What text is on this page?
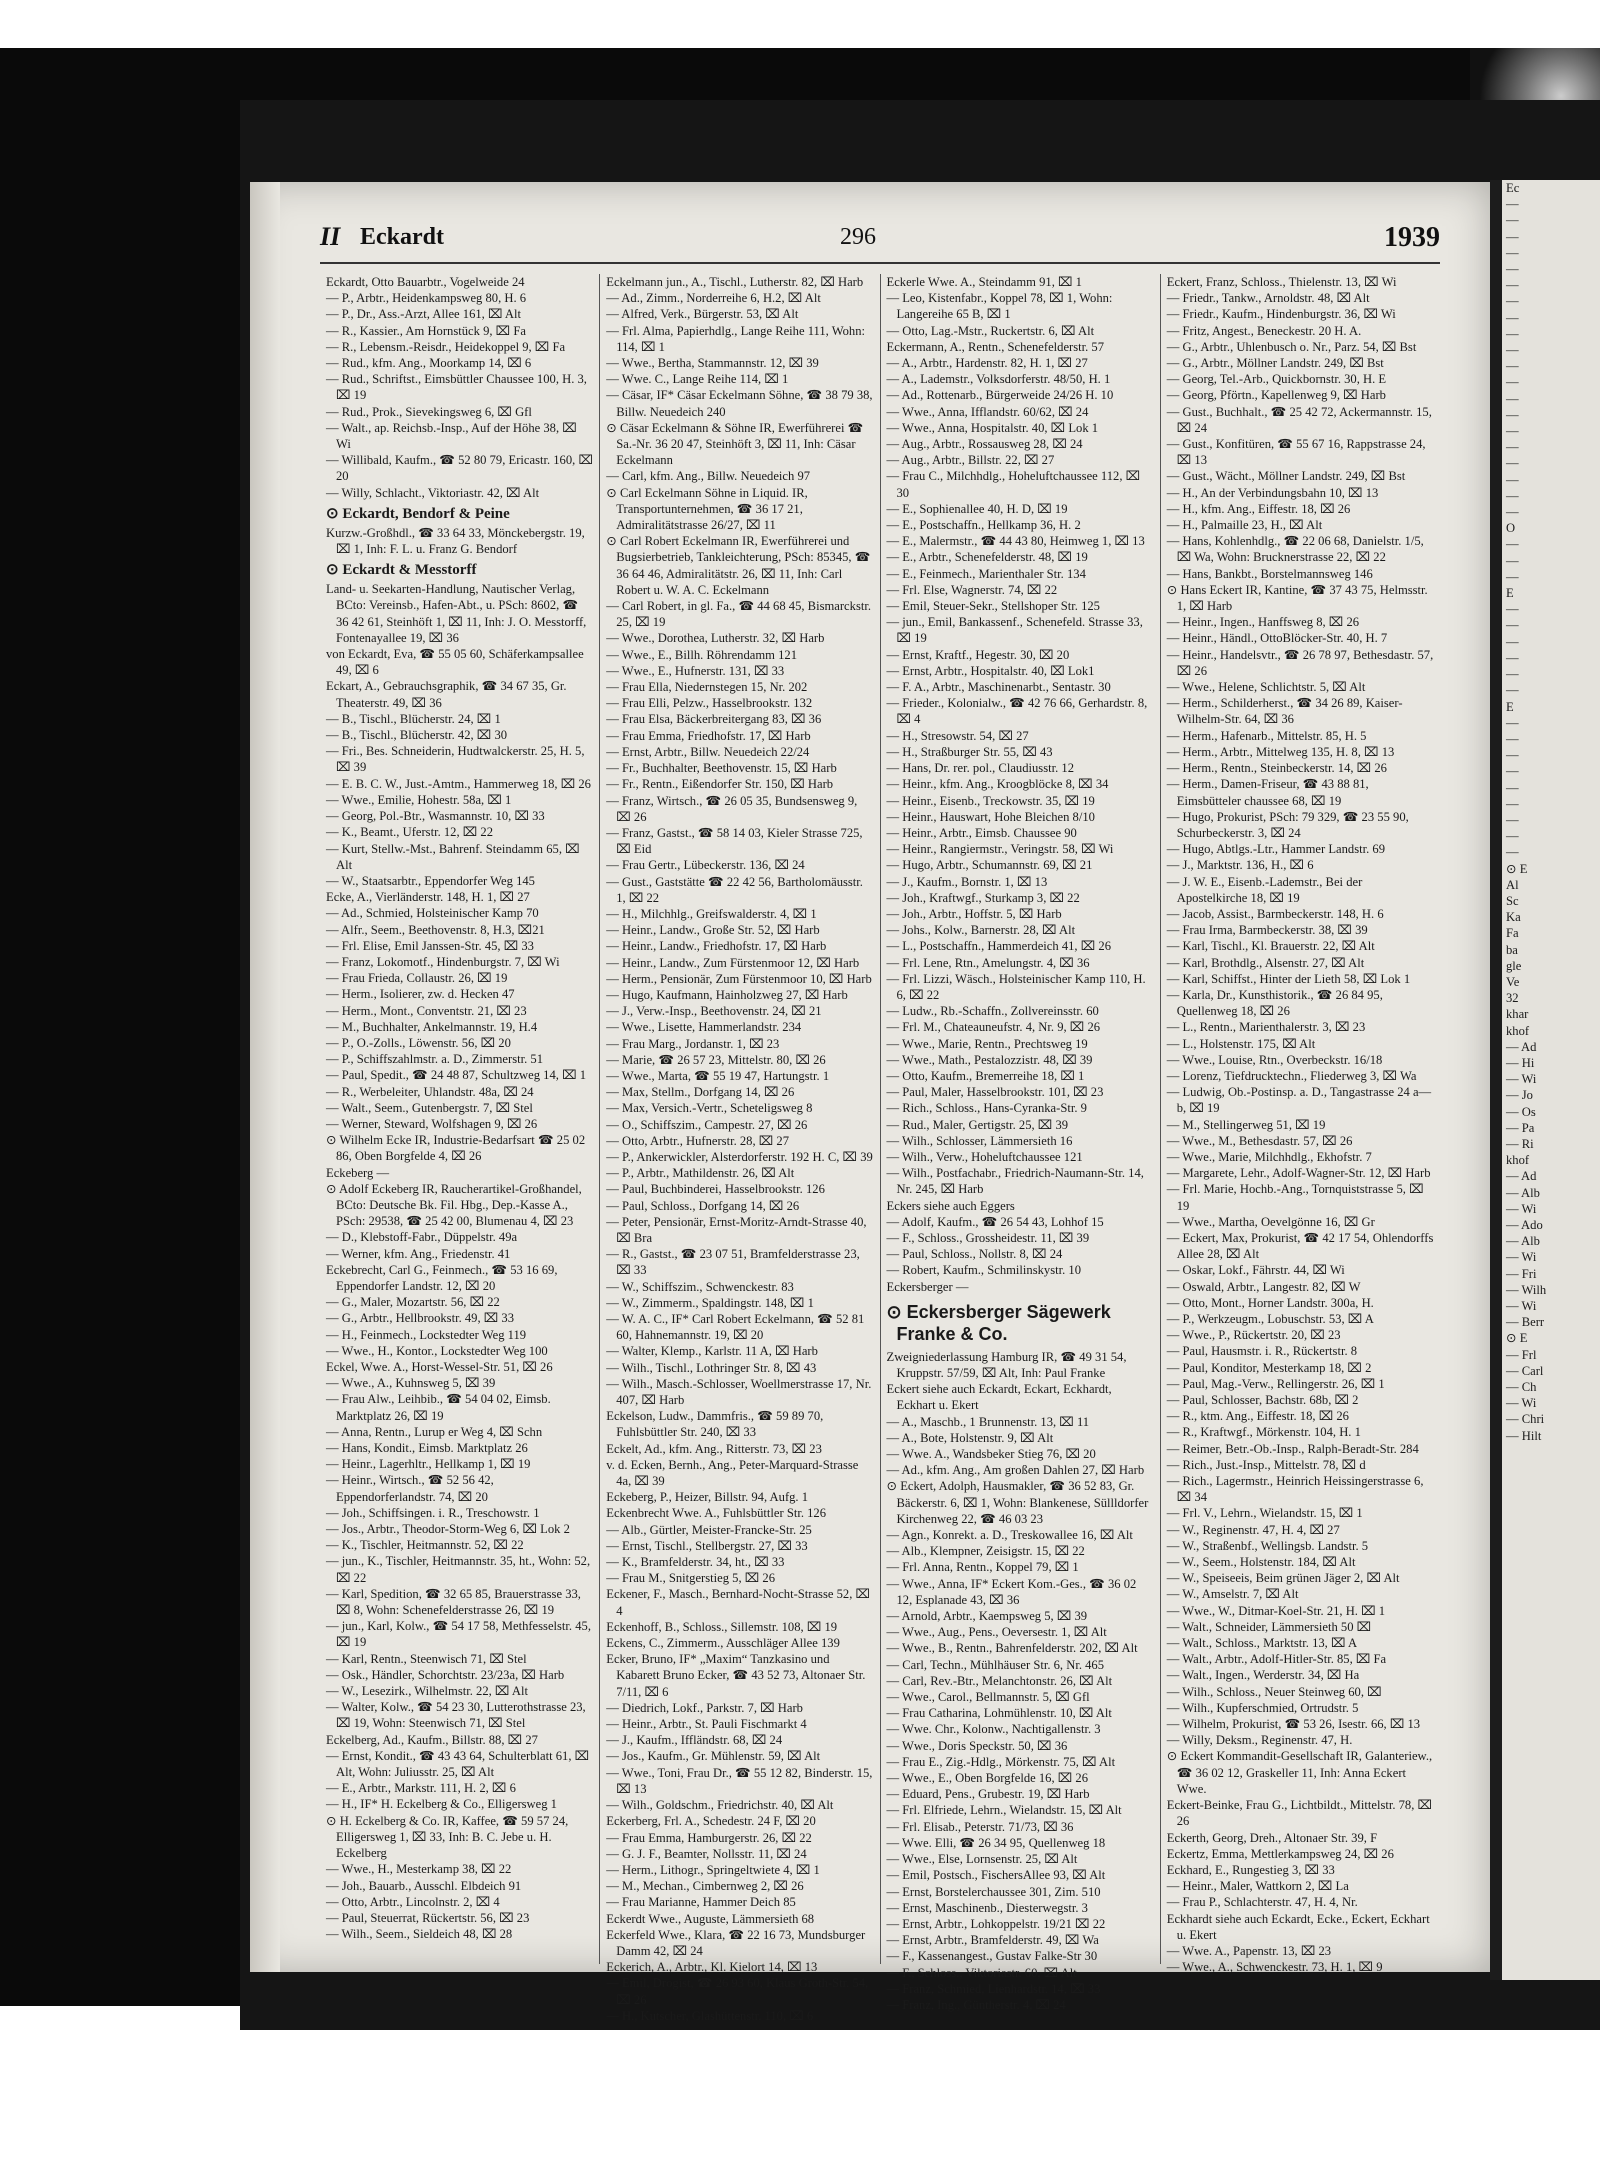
II Eckardt	296	1939

Eckardt, Otto Bauarbtr., Vogelweide 24

— P., Arbtr., Heidenkampsweg 80, H. 6

— P., Dr., Ass.-Arzt, Allee 161, ⌧ Alt

— R., Kassier., Am Hornstück 9, ⌧ Fa

— R., Lebensm.-Reisdr., Heidekoppel 9, ⌧ Fa

— Rud., kfm. Ang., Moorkamp 14, ⌧ 6

— Rud., Schriftst., Eimsbüttler Chaussee 100, H. 3, ⌧ 19

— Rud., Prok., Sievekingsweg 6, ⌧ Gfl

— Walt., ap. Reichsb.-Insp., Auf der Höhe 38, ⌧ Wi

— Willibald, Kaufm., ☎ 52 80 79, Ericastr. 160, ⌧ 20

— Willy, Schlacht., Viktoriastr. 42, ⌧ Alt

⊙ Eckardt, Bendorf & Peine

Kurzw.-Großhdl., ☎ 33 64 33, Mönckebergstr. 19, ⌧ 1, Inh: F. L. u. Franz G. Bendorf

⊙ Eckardt & Messtorff

Land- u. Seekarten-Handlung, Nautischer Verlag, BCto: Vereinsb., Hafen-Abt., u. PSch: 8602, ☎ 36 42 61, Steinhöft 1, ⌧ 11, Inh: J. O. Messtorff, Fontenayallee 19, ⌧ 36

von Eckardt, Eva, ☎ 55 05 60, Schäferkampsallee 49, ⌧ 6

Eckart, A., Gebrauchsgraphik, ☎ 34 67 35, Gr. Theaterstr. 49, ⌧ 36

— B., Tischl., Blücherstr. 24, ⌧ 1

— B., Tischl., Blücherstr. 42, ⌧ 30

— Fri., Bes. Schneiderin, Hudtwalckerstr. 25, H. 5, ⌧ 39

— E. B. C. W., Just.-Amtm., Hammerweg 18, ⌧ 26

— Wwe., Emilie, Hohestr. 58a, ⌧ 1

— Georg, Pol.-Btr., Wasmannstr. 10, ⌧ 33

— K., Beamt., Uferstr. 12, ⌧ 22

— Kurt, Stellw.-Mst., Bahrenf. Steindamm 65, ⌧ Alt

— W., Staatsarbtr., Eppendorfer Weg 145

Ecke, A., Vierländerstr. 148, H. 1, ⌧ 27

— Ad., Schmied, Holsteinischer Kamp 70

— Alfr., Seem., Beethovenstr. 8, H.3, ⌧21

— Frl. Elise, Emil Janssen-Str. 45, ⌧ 33

— Franz, Lokomotf., Hindenburgstr. 7, ⌧ Wi

— Frau Frieda, Collaustr. 26, ⌧ 19

— Herm., Isolierer, zw. d. Hecken 47

— Herm., Mont., Conventstr. 21, ⌧ 23

— M., Buchhalter, Ankelmannstr. 19, H.4

— P., O.-Zolls., Löwenstr. 56, ⌧ 20

— P., Schiffszahlmstr. a. D., Zimmerstr. 51

— Paul, Spedit., ☎ 24 48 87, Schultzweg 14, ⌧ 1

— R., Werbeleiter, Uhlandstr. 48a, ⌧ 24

— Walt., Seem., Gutenbergstr. 7, ⌧ Stel

— Werner, Steward, Wolfshagen 9, ⌧ 26

⊙ Wilhelm Ecke IR, Industrie-Bedarfsart ☎ 25 02 86, Oben Borgfelde 4, ⌧ 26

Eckeberg —

⊙ Adolf Eckeberg IR, Raucherartikel-Großhandel, BCto: Deutsche Bk. Fil. Hbg., Dep.-Kasse A., PSch: 29538, ☎ 25 42 00, Blumenau 4, ⌧ 23

— D., Klebstoff-Fabr., Düppelstr. 49a

— Werner, kfm. Ang., Friedenstr. 41

Eckebrecht, Carl G., Feinmech., ☎ 53 16 69, Eppendorfer Landstr. 12, ⌧ 20

— G., Maler, Mozartstr. 56, ⌧ 22

— G., Arbtr., Hellbrookstr. 49, ⌧ 33

— H., Feinmech., Lockstedter Weg 119

— Wwe., H., Kontor., Lockstedter Weg 100

Eckel, Wwe. A., Horst-Wessel-Str. 51, ⌧ 26

— Wwe., A., Kuhnsweg 5, ⌧ 39

— Frau Alw., Leihbib., ☎ 54 04 02, Eimsb. Marktplatz 26, ⌧ 19

— Anna, Rentn., Lurup er Weg 4, ⌧ Schn

— Hans, Kondit., Eimsb. Marktplatz 26

— Heinr., Lagerhltr., Hellkamp 1, ⌧ 19

— Heinr., Wirtsch., ☎ 52 56 42, Eppendorferlandstr. 74, ⌧ 20

— Joh., Schiffsingen. i. R., Treschowstr. 1

— Jos., Arbtr., Theodor-Storm-Weg 6, ⌧ Lok 2

— K., Tischler, Heitmannstr. 52, ⌧ 22

— jun., K., Tischler, Heitmannstr. 35, ht., Wohn: 52, ⌧ 22

— Karl, Spedition, ☎ 32 65 85, Brauerstrasse 33, ⌧ 8, Wohn: Schenefelderstrasse 26, ⌧ 19

— jun., Karl, Kolw., ☎ 54 17 58, Methfesselstr. 45, ⌧ 19

— Karl, Rentn., Steenwisch 71, ⌧ Stel

— Osk., Händler, Schorchtstr. 23/23a, ⌧ Harb

— W., Lesezirk., Wilhelmstr. 22, ⌧ Alt

— Walter, Kolw., ☎ 54 23 30, Lutterothstrasse 23, ⌧ 19, Wohn: Steenwisch 71, ⌧ Stel

Eckelberg, Ad., Kaufm., Billstr. 88, ⌧ 27

— Ernst, Kondit., ☎ 43 43 64, Schulterblatt 61, ⌧ Alt, Wohn: Juliusstr. 25, ⌧ Alt

— E., Arbtr., Markstr. 111, H. 2, ⌧ 6

— H., IF* H. Eckelberg & Co., Elligersweg 1

⊙ H. Eckelberg & Co. IR, Kaffee, ☎ 59 57 24, Elligersweg 1, ⌧ 33, Inh: B. C. Jebe u. H. Eckelberg

— Wwe., H., Mesterkamp 38, ⌧ 22

— Joh., Bauarb., Ausschl. Elbdeich 91

— Otto, Arbtr., Lincolnstr. 2, ⌧ 4

— Paul, Steuerrat, Rückertstr. 56, ⌧ 23

— Wilh., Seem., Sieldeich 48, ⌧ 28

Eckelmann jun., A., Tischl., Lutherstr. 82, ⌧ Harb

— Ad., Zimm., Norderreihe 6, H.2, ⌧ Alt

— Alfred, Verk., Bürgerstr. 53, ⌧ Alt

— Frl. Alma, Papierhdlg., Lange Reihe 111, Wohn: 114, ⌧ 1

— Wwe., Bertha, Stammannstr. 12, ⌧ 39

— Wwe. C., Lange Reihe 114, ⌧ 1

— Cäsar, IF* Cäsar Eckelmann Söhne, ☎ 38 79 38, Billw. Neuedeich 240

⊙ Cäsar Eckelmann & Söhne IR, Ewerführerei ☎ Sa.-Nr. 36 20 47, Steinhöft 3, ⌧ 11, Inh: Cäsar Eckelmann

— Carl, kfm. Ang., Billw. Neuedeich 97

⊙ Carl Eckelmann Söhne in Liquid. IR, Transportunternehmen, ☎ 36 17 21, Admiralitätstrasse 26/27, ⌧ 11

⊙ Carl Robert Eckelmann IR, Ewerführerei und Bugsierbetrieb, Tankleichterung, PSch: 85345, ☎ 36 64 46, Admiralitätstr. 26, ⌧ 11, Inh: Carl Robert u. W. A. C. Eckelmann

— Carl Robert, in gl. Fa., ☎ 44 68 45, Bismarckstr. 25, ⌧ 19

— Wwe., Dorothea, Lutherstr. 32, ⌧ Harb

— Wwe., E., Billh. Röhrendamm 121

— Wwe., E., Hufnerstr. 131, ⌧ 33

— Frau Ella, Niedernstegen 15, Nr. 202

— Frau Elli, Pelzw., Hasselbrookstr. 132

— Frau Elsa, Bäckerbreitergang 83, ⌧ 36

— Frau Emma, Friedhofstr. 17, ⌧ Harb

— Ernst, Arbtr., Billw. Neuedeich 22/24

— Fr., Buchhalter, Beethovenstr. 15, ⌧ Harb

— Fr., Rentn., Eißendorfer Str. 150, ⌧ Harb

— Franz, Wirtsch., ☎ 26 05 35, Bundsensweg 9, ⌧ 26

— Franz, Gastst., ☎ 58 14 03, Kieler Strasse 725, ⌧ Eid

— Frau Gertr., Lübeckerstr. 136, ⌧ 24

— Gust., Gaststätte ☎ 22 42 56, Bartholomäusstr. 1, ⌧ 22

— H., Milchhlg., Greifswalderstr. 4, ⌧ 1

— Heinr., Landw., Große Str. 52, ⌧ Harb

— Heinr., Landw., Friedhofstr. 17, ⌧ Harb

— Heinr., Landw., Zum Fürstenmoor 12, ⌧ Harb

— Herm., Pensionär, Zum Fürstenmoor 10, ⌧ Harb

— Hugo, Kaufmann, Hainholzweg 27, ⌧ Harb

— J., Verw.-Insp., Beethovenstr. 24, ⌧ 21

— Wwe., Lisette, Hammerlandstr. 234

— Frau Marg., Jordanstr. 1, ⌧ 23

— Marie, ☎ 26 57 23, Mittelstr. 80, ⌧ 26

— Wwe., Marta, ☎ 55 19 47, Hartungstr. 1

— Max, Stellm., Dorfgang 14, ⌧ 26

— Max, Versich.-Vertr., Scheteligsweg 8

— O., Schiffszim., Campestr. 27, ⌧ 26

— Otto, Arbtr., Hufnerstr. 28, ⌧ 27

— P., Ankerwickler, Alsterdorferstr. 192 H. C, ⌧ 39

— P., Arbtr., Mathildenstr. 26, ⌧ Alt

— Paul, Buchbinderei, Hasselbrookstr. 126

— Paul, Schloss., Dorfgang 14, ⌧ 26

— Peter, Pensionär, Ernst-Moritz-Arndt-Strasse 40, ⌧ Bra

— R., Gastst., ☎ 23 07 51, Bramfelderstrasse 23, ⌧ 33

— W., Schiffszim., Schwenckestr. 83

— W., Zimmerm., Spaldingstr. 148, ⌧ 1

— W. A. C., IF* Carl Robert Eckelmann, ☎ 52 81 60, Hahnemannstr. 19, ⌧ 20

— Walter, Klemp., Karlstr. 11 A, ⌧ Harb

— Wilh., Tischl., Lothringer Str. 8, ⌧ 43

— Wilh., Masch.-Schlosser, Woellmerstrasse 17, Nr. 407, ⌧ Harb

Eckelson, Ludw., Dammfris., ☎ 59 89 70, Fuhlsbüttler Str. 240, ⌧ 33

Eckelt, Ad., kfm. Ang., Ritterstr. 73, ⌧ 23

v. d. Ecken, Bernh., Ang., Peter-Marquard-Strasse 4a, ⌧ 39

Eckeberg, P., Heizer, Billstr. 94, Aufg. 1

Eckenbrecht Wwe. A., Fuhlsbüttler Str. 126

— Alb., Gürtler, Meister-Francke-Str. 25

— Ernst, Tischl., Stellbergstr. 27, ⌧ 33

— K., Bramfelderstr. 34, ht., ⌧ 33

— Frau M., Snitgerstieg 5, ⌧ 26

Eckener, F., Masch., Bernhard-Nocht-Strasse 52, ⌧ 4

Eckenhoff, B., Schloss., Sillemstr. 108, ⌧ 19

Eckens, C., Zimmerm., Ausschläger Allee 139

Ecker, Bruno, IF* „Maxim“ Tanzkasino und Kabarett Bruno Ecker, ☎ 43 52 73, Altonaer Str. 7/11, ⌧ 6

— Diedrich, Lokf., Parkstr. 7, ⌧ Harb

— Heinr., Arbtr., St. Pauli Fischmarkt 4

— J., Kaufm., Iffländstr. 68, ⌧ 24

— Jos., Kaufm., Gr. Mühlenstr. 59, ⌧ Alt

— Wwe., Toni, Frau Dr., ☎ 55 12 82, Binderstr. 15, ⌧ 13

— Wilh., Goldschm., Friedrichstr. 40, ⌧ Alt

Eckerberg, Frl. A., Schedestr. 24 F, ⌧ 20

— Frau Emma, Hamburgerstr. 26, ⌧ 22

— G. J. F., Beamter, Nollsstr. 11, ⌧ 24

— Herm., Lithogr., Springeltwiete 4, ⌧ 1

— M., Mechan., Cimbernweg 2, ⌧ 26

— Frau Marianne, Hammer Deich 85

Eckerdt Wwe., Auguste, Lämmersieth 68

Eckerfeld Wwe., Klara, ☎ 22 16 73, Mundsburger Damm 42, ⌧ 24

Eckerich, A., Arbtr., Kl. Kielort 14, ⌧ 13

— Emil, Drogist, ☎ 26 93 60, Klaus Groth-Str. 54, ⌧ 26

— H., Kutscher, Glashüttenstr. 110, ⌧ 6

Eckerle Wwe. A., Steindamm 91, ⌧ 1

— Leo, Kistenfabr., Koppel 78, ⌧ 1, Wohn: Langereihe 65 B, ⌧ 1

— Otto, Lag.-Mstr., Ruckertstr. 6, ⌧ Alt

Eckermann, A., Rentn., Schenefelderstr. 57

— A., Arbtr., Hardenstr. 82, H. 1, ⌧ 27

— A., Lademstr., Volksdorferstr. 48/50, H. 1

— Ad., Rottenarb., Bürgerweide 24/26 H. 10

— Wwe., Anna, Ifflandstr. 60/62, ⌧ 24

— Wwe., Anna, Hospitalstr. 40, ⌧ Lok 1

— Aug., Arbtr., Rossausweg 28, ⌧ 24

— Aug., Arbtr., Billstr. 22, ⌧ 27

— Frau C., Milchhdlg., Hoheluftchaussee 112, ⌧ 30

— E., Sophienallee 40, H. D, ⌧ 19

— E., Postschaffn., Hellkamp 36, H. 2

— E., Malermstr., ☎ 44 43 80, Heimweg 1, ⌧ 13

— E., Arbtr., Schenefelderstr. 48, ⌧ 19

— E., Feinmech., Marienthaler Str. 134

— Frl. Else, Wagnerstr. 74, ⌧ 22

— Emil, Steuer-Sekr., Stellshoper Str. 125

— jun., Emil, Bankassenf., Schenefeld. Strasse 33, ⌧ 19

— Ernst, Kraftf., Hegestr. 30, ⌧ 20

— Ernst, Arbtr., Hospitalstr. 40, ⌧ Lok1

— F. A., Arbtr., Maschinenarbt., Sentastr. 30

— Frieder., Kolonialw., ☎ 42 76 66, Gerhardstr. 8, ⌧ 4

— H., Stresowstr. 54, ⌧ 27

— H., Straßburger Str. 55, ⌧ 43

— Hans, Dr. rer. pol., Claudiusstr. 12

— Heinr., kfm. Ang., Kroogblöcke 8, ⌧ 34

— Heinr., Eisenb., Treckowstr. 35, ⌧ 19

— Heinr., Hauswart, Hohe Bleichen 8/10

— Heinr., Arbtr., Eimsb. Chaussee 90

— Heinr., Rangiermstr., Veringstr. 58, ⌧ Wi

— Hugo, Arbtr., Schumannstr. 69, ⌧ 21

— J., Kaufm., Bornstr. 1, ⌧ 13

— Joh., Kraftwgf., Sturkamp 3, ⌧ 22

— Joh., Arbtr., Hoffstr. 5, ⌧ Harb

— Johs., Kolw., Barnerstr. 28, ⌧ Alt

— L., Postschaffn., Hammerdeich 41, ⌧ 26

— Frl. Lene, Rtn., Amelungstr. 4, ⌧ 36

— Frl. Lizzi, Wäsch., Holsteinischer Kamp 110, H. 6, ⌧ 22

— Ludw., Rb.-Schaffn., Zollvereinsstr. 60

— Frl. M., Chateauneufstr. 4, Nr. 9, ⌧ 26

— Wwe., Marie, Rentn., Prechtsweg 19

— Wwe., Math., Pestalozzistr. 48, ⌧ 39

— Otto, Kaufm., Bremerreihe 18, ⌧ 1

— Paul, Maler, Hasselbrookstr. 101, ⌧ 23

— Rich., Schloss., Hans-Cyranka-Str. 9

— Rud., Maler, Gertigstr. 25, ⌧ 39

— Wilh., Schlosser, Lämmersieth 16

— Wilh., Verw., Hoheluftchaussee 121

— Wilh., Postfachabr., Friedrich-Naumann-Str. 14, Nr. 245, ⌧ Harb

Eckers siehe auch Eggers

— Adolf, Kaufm., ☎ 26 54 43, Lohhof 15

— F., Schloss., Grossheidestr. 11, ⌧ 39

— Paul, Schloss., Nollstr. 8, ⌧ 24

— Robert, Kaufm., Schmilinskystr. 10

Eckersberger —

⊙ Eckersberger Sägewerk Franke & Co.

Zweigniederlassung Hamburg IR, ☎ 49 31 54, Kruppstr. 57/59, ⌧ Alt, Inh: Paul Franke

Eckert siehe auch Eckardt, Eckart, Eckhardt, Eckhart u. Ekert

— A., Maschb., 1 Brunnenstr. 13, ⌧ 11

— A., Bote, Holstenstr. 9, ⌧ Alt

— Wwe. A., Wandsbeker Stieg 76, ⌧ 20

— Ad., kfm. Ang., Am großen Dahlen 27, ⌧ Harb

⊙ Eckert, Adolph, Hausmakler, ☎ 36 52 83, Gr. Bäckerstr. 6, ⌧ 1, Wohn: Blankenese, Süllldorfer Kirchenweg 22, ☎ 46 03 23

— Agn., Konrekt. a. D., Treskowallee 16, ⌧ Alt

— Alb., Klempner, Zeisigstr. 15, ⌧ 22

— Frl. Anna, Rentn., Koppel 79, ⌧ 1

— Wwe., Anna, IF* Eckert Kom.-Ges., ☎ 36 02 12, Esplanade 43, ⌧ 36

— Arnold, Arbtr., Kaempsweg 5, ⌧ 39

— Wwe., Aug., Pens., Oeversestr. 1, ⌧ Alt

— Wwe., B., Rentn., Bahrenfelderstr. 202, ⌧ Alt

— Carl, Techn., Mühlhäuser Str. 6, Nr. 465

— Carl, Rev.-Btr., Melanchtonstr. 26, ⌧ Alt

— Wwe., Carol., Bellmannstr. 5, ⌧ Gfl

— Frau Catharina, Lohmühlenstr. 10, ⌧ Alt

— Wwe. Chr., Kolonw., Nachtigallenstr. 3

— Wwe., Doris Speckstr. 50, ⌧ 36

— Frau E., Zig.-Hdlg., Mörkenstr. 75, ⌧ Alt

— Wwe., E., Oben Borgfelde 16, ⌧ 26

— Eduard, Pens., Grubestr. 19, ⌧ Harb

— Frl. Elfriede, Lehrn., Wielandstr. 15, ⌧ Alt

— Frl. Elisab., Peterstr. 71/73, ⌧ 36

— Wwe. Elli, ☎ 26 34 95, Quellenweg 18

— Wwe., Else, Lornsenstr. 25, ⌧ Alt

— Emil, Postsch., FischersAllee 93, ⌧ Alt

— Ernst, Borstelerchaussee 301, Zim. 510

— Ernst, Maschinenb., Diesterwegstr. 3

— Ernst, Arbtr., Lohkoppelstr. 19/21 ⌧ 22

— Ernst, Arbtr., Bramfelderstr. 49, ⌧ Wa

— F., Kassenangest., Gustav Falke-Str 30

— F., Schloss., Viktoriastr. 60, ⌧ Alt

— Franz, Schmied, Lienhardstr. 14, ⌧ 33

— Franz, Ing., Güntherstr. 4, ⌧ 24

Eckert, Franz, Schloss., Thielenstr. 13, ⌧ Wi

— Friedr., Tankw., Arnoldstr. 48, ⌧ Alt

— Friedr., Kaufm., Hindenburgstr. 36, ⌧ Wi

— Fritz, Angest., Beneckestr. 20 H. A.

— G., Arbtr., Uhlenbusch o. Nr., Parz. 54, ⌧ Bst

— G., Arbtr., Möllner Landstr. 249, ⌧ Bst

— Georg, Tel.-Arb., Quickbornstr. 30, H. E

— Georg, Pförtn., Kapellenweg 9, ⌧ Harb

— Gust., Buchhalt., ☎ 25 42 72, Ackermannstr. 15, ⌧ 24

— Gust., Konfitüren, ☎ 55 67 16, Rappstrasse 24, ⌧ 13

— Gust., Wächt., Möllner Landstr. 249, ⌧ Bst

— H., An der Verbindungsbahn 10, ⌧ 13

— H., kfm. Ang., Eiffestr. 18, ⌧ 26

— H., Palmaille 23, H., ⌧ Alt

— Hans, Kohlenhdlg., ☎ 22 06 68, Danielstr. 1/5, ⌧ Wa, Wohn: Brucknerstrasse 22, ⌧ 22

— Hans, Bankbt., Borstelmannsweg 146

⊙ Hans Eckert IR, Kantine, ☎ 37 43 75, Helmsstr. 1, ⌧ Harb

— Heinr., Ingen., Hanffsweg 8, ⌧ 26

— Heinr., Händl., OttoBlöcker-Str. 40, H. 7

— Heinr., Handelsvtr., ☎ 26 78 97, Bethesdastr. 57, ⌧ 26

— Wwe., Helene, Schlichtstr. 5, ⌧ Alt

— Herm., Schilderherst., ☎ 34 26 89, Kaiser-Wilhelm-Str. 64, ⌧ 36

— Herm., Hafenarb., Mittelstr. 85, H. 5

— Herm., Arbtr., Mittelweg 135, H. 8, ⌧ 13

— Herm., Rentn., Steinbeckerstr. 14, ⌧ 26

— Herm., Damen-Friseur, ☎ 43 88 81, Eimsbütteler chaussee 68, ⌧ 19

— Hugo, Prokurist, PSch: 79 329, ☎ 23 55 90, Schurbeckerstr. 3, ⌧ 24

— Hugo, Abtlgs.-Ltr., Hammer Landstr. 69

— J., Marktstr. 136, H., ⌧ 6

— J. W. E., Eisenb.-Lademstr., Bei der Apostelkirche 18, ⌧ 19

— Jacob, Assist., Barmbeckerstr. 148, H. 6

— Frau Irma, Barmbeckerstr. 38, ⌧ 39

— Karl, Tischl., Kl. Brauerstr. 22, ⌧ Alt

— Karl, Brothdlg., Alsenstr. 27, ⌧ Alt

— Karl, Schiffst., Hinter der Lieth 58, ⌧ Lok 1

— Karla, Dr., Kunsthistorik., ☎ 26 84 95, Quellenweg 18, ⌧ 26

— L., Rentn., Marienthalerstr. 3, ⌧ 23

— L., Holstenstr. 175, ⌧ Alt

— Wwe., Louise, Rtn., Overbeckstr. 16/18

— Lorenz, Tiefdrucktechn., Fliederweg 3, ⌧ Wa

— Ludwig, Ob.-Postinsp. a. D., Tangastrasse 24 a—b, ⌧ 19

— M., Stellingerweg 51, ⌧ 19

— Wwe., M., Bethesdastr. 57, ⌧ 26

— Wwe., Marie, Milchhdlg., Ekhofstr. 7

— Margarete, Lehr., Adolf-Wagner-Str. 12, ⌧ Harb

— Frl. Marie, Hochb.-Ang., Tornquiststrasse 5, ⌧ 19

— Wwe., Martha, Oevelgönne 16, ⌧ Gr

— Eckert, Max, Prokurist, ☎ 42 17 54, Ohlendorffs Allee 28, ⌧ Alt

— Oskar, Lokf., Fährstr. 44, ⌧ Wi

— Oswald, Arbtr., Langestr. 82, ⌧ W

— Otto, Mont., Horner Landstr. 300a, H.

— P., Werkzeugm., Lobuschstr. 53, ⌧ A

— Wwe., P., Rückertstr. 20, ⌧ 23

— Paul, Hausmstr. i. R., Rückertstr. 8

— Paul, Konditor, Mesterkamp 18, ⌧ 2

— Paul, Mag.-Verw., Rellingerstr. 26, ⌧ 1

— Paul, Schlosser, Bachstr. 68b, ⌧ 2

— R., ktm. Ang., Eiffestr. 18, ⌧ 26

— R., Kraftwgf., Mörkenstr. 104, H. 1

— Reimer, Betr.-Ob.-Insp., Ralph-Beradt-Str. 284

— Rich., Just.-Insp., Mittelstr. 78, ⌧ d

— Rich., Lagermstr., Heinrich Heissingerstrasse 6, ⌧ 34

— Frl. V., Lehrn., Wielandstr. 15, ⌧ 1

— W., Reginenstr. 47, H. 4, ⌧ 27

— W., Straßenbf., Wellingsb. Landstr. 5

— W., Seem., Holstenstr. 184, ⌧ Alt

— W., Speiseeis, Beim grünen Jäger 2, ⌧ Alt

— W., Amselstr. 7, ⌧ Alt

— Wwe., W., Ditmar-Koel-Str. 21, H. ⌧ 1

— Walt., Schneider, Lämmersieth 50 ⌧

— Walt., Schloss., Marktstr. 13, ⌧ A

— Walt., Arbtr., Adolf-Hitler-Str. 85, ⌧ Fa

— Walt., Ingen., Werderstr. 34, ⌧ Ha

— Wilh., Schloss., Neuer Steinweg 60, ⌧

— Wilh., Kupferschmied, Ortrudstr. 5

— Wilhelm, Prokurist, ☎ 53 26, Isestr. 66, ⌧ 13

— Willy, Deksm., Reginenstr. 47, H.

⊙ Eckert Kommandit-Gesellschaft IR, Galanteriew., ☎ 36 02 12, Graskeller 11, Inh: Anna Eckert Wwe.

Eckert-Beinke, Frau G., Lichtbildt., Mittelstr. 78, ⌧ 26

Eckerth, Georg, Dreh., Altonaer Str. 39, F

Eckertz, Emma, Mettlerkampsweg 24, ⌧ 26

Eckhard, E., Rungestieg 3, ⌧ 33

— Heinr., Maler, Wattkorn 2, ⌧ La

— Frau P., Schlachterstr. 47, H. 4, Nr.

Eckhardt siehe auch Eckardt, Ecke., Eckert, Eckhart u. Ekert

— Wwe. A., Papenstr. 13, ⌧ 23

— Wwe., A., Schwenckestr. 73, H. 1, ⌧ 9

Ec

—

—

—

—

—

—

—

—

—

—

—

—

—

—

—

—

—

—

—

—

O

—

—

—

E

—

—

—

—

—

—

E

—

—

—

—

—

—

—

—

—

⊙ E

Al

Sc

Ka

Fa

ba

gle

Ve

32

khar

khof

— Ad

— Hi

— Wi

— Jo

— Os

— Pa

— Ri

khof

— Ad

— Alb

— Wi

— Ado

— Alb

— Wi

— Fri

— Wilh

— Wi

— Berr

⊙ E

— Frl

— Carl

— Ch

— Wi

— Chri

— Hilt
